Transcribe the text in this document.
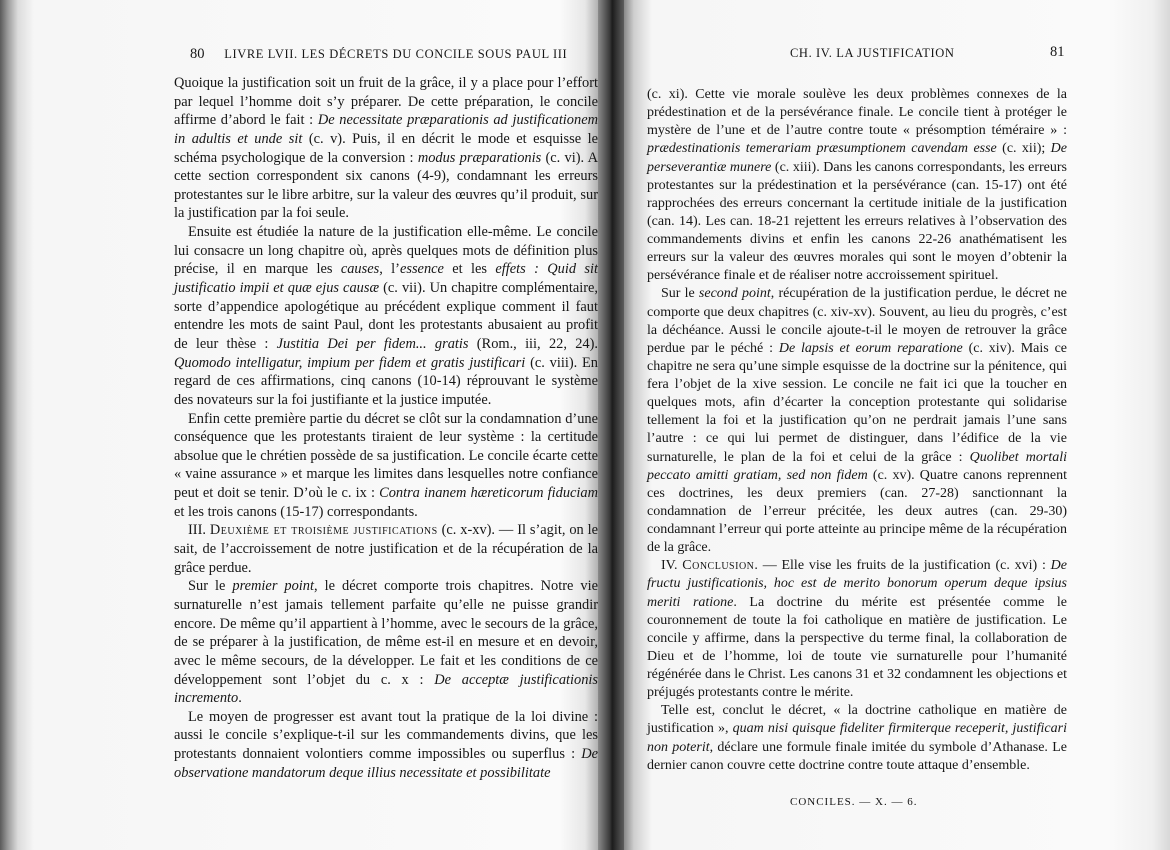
80 LIVRE LVII. LES DÉCRETS DU CONCILE SOUS PAUL III

Quoique la justification soit un fruit de la grâce, il y a place pour l’effort par lequel l’homme doit s’y préparer. De cette préparation, le concile affirme d’abord le fait : De necessitate præparationis ad justificationem in adultis et unde sit (c. v). Puis, il en décrit le mode et esquisse le schéma psychologique de la conversion : modus præparationis (c. vi). A cette section correspondent six canons (4-9), condamnant les erreurs protestantes sur le libre arbitre, sur la valeur des œuvres qu’il produit, sur la justification par la foi seule.

Ensuite est étudiée la nature de la justification elle-même. Le concile lui consacre un long chapitre où, après quelques mots de définition plus précise, il en marque les causes, l’essence et les effets : Quid sit justificatio impii et quæ ejus causæ (c. vii). Un chapitre complémentaire, sorte d’appendice apologétique au précédent explique comment il faut entendre les mots de saint Paul, dont les protestants abusaient au profit de leur thèse : Justitia Dei per fidem... gratis (Rom., iii, 22, 24). Quomodo intelligatur, impium per fidem et gratis justificari (c. viii). En regard de ces affirmations, cinq canons (10-14) réprouvant le système des novateurs sur la foi justifiante et la justice imputée.

Enfin cette première partie du décret se clôt sur la condamnation d’une conséquence que les protestants tiraient de leur système : la certitude absolue que le chrétien possède de sa justification. Le concile écarte cette « vaine assurance » et marque les limites dans lesquelles notre confiance peut et doit se tenir. D’où le c. ix : Contra inanem hæreticorum fiduciam et les trois canons (15-17) correspondants.

III. Deuxième et troisième justifications (c. x-xv). — Il s’agit, on le sait, de l’accroissement de notre justification et de la récupération de la grâce perdue.

Sur le premier point, le décret comporte trois chapitres. Notre vie surnaturelle n’est jamais tellement parfaite qu’elle ne puisse grandir encore. De même qu’il appartient à l’homme, avec le secours de la grâce, de se préparer à la justification, de même est-il en mesure et en devoir, avec le même secours, de la développer. Le fait et les conditions de ce développement sont l’objet du c. x : De acceptæ justificationis incremento.

Le moyen de progresser est avant tout la pratique de la loi divine : aussi le concile s’explique-t-il sur les commandements divins, que les protestants donnaient volontiers comme impossibles ou superflus : De observatione mandatorum deque illius necessitate et possibilitate

CH. IV. LA JUSTIFICATION	81

(c. xi). Cette vie morale soulève les deux problèmes connexes de la prédestination et de la persévérance finale. Le concile tient à protéger le mystère de l’une et de l’autre contre toute « présomption téméraire » : prædestinationis temerariam præsumptionem cavendam esse (c. xii); De perseverantiæ munere (c. xiii). Dans les canons correspondants, les erreurs protestantes sur la prédestination et la persévérance (can. 15-17) ont été rapprochées des erreurs concernant la certitude initiale de la justification (can. 14). Les can. 18-21 rejettent les erreurs relatives à l’observation des commandements divins et enfin les canons 22-26 anathématisent les erreurs sur la valeur des œuvres morales qui sont le moyen d’obtenir la persévérance finale et de réaliser notre accroissement spirituel.

Sur le second point, récupération de la justification perdue, le décret ne comporte que deux chapitres (c. xiv-xv). Souvent, au lieu du progrès, c’est la déchéance. Aussi le concile ajoute-t-il le moyen de retrouver la grâce perdue par le péché : De lapsis et eorum reparatione (c. xiv). Mais ce chapitre ne sera qu’une simple esquisse de la doctrine sur la pénitence, qui fera l’objet de la xive session. Le concile ne fait ici que la toucher en quelques mots, afin d’écarter la conception protestante qui solidarise tellement la foi et la justification qu’on ne perdrait jamais l’une sans l’autre : ce qui lui permet de distinguer, dans l’édifice de la vie surnaturelle, le plan de la foi et celui de la grâce : Quolibet mortali peccato amitti gratiam, sed non fidem (c. xv). Quatre canons reprennent ces doctrines, les deux premiers (can. 27-28) sanctionnant la condamnation de l’erreur précitée, les deux autres (can. 29-30) condamnant l’erreur qui porte atteinte au principe même de la récupération de la grâce.

IV. Conclusion. — Elle vise les fruits de la justification (c. xvi) : De fructu justificationis, hoc est de merito bonorum operum deque ipsius meriti ratione. La doctrine du mérite est présentée comme le couronnement de toute la foi catholique en matière de justification. Le concile y affirme, dans la perspective du terme final, la collaboration de Dieu et de l’homme, loi de toute vie surnaturelle pour l’humanité régénérée dans le Christ. Les canons 31 et 32 condamnent les objections et préjugés protestants contre le mérite.

Telle est, conclut le décret, « la doctrine catholique en matière de justification », quam nisi quisque fideliter firmiterque receperit, justificari non poterit, déclare une formule finale imitée du symbole d’Athanase. Le dernier canon couvre cette doctrine contre toute attaque d’ensemble.

CONCILES. — X. — 6.
